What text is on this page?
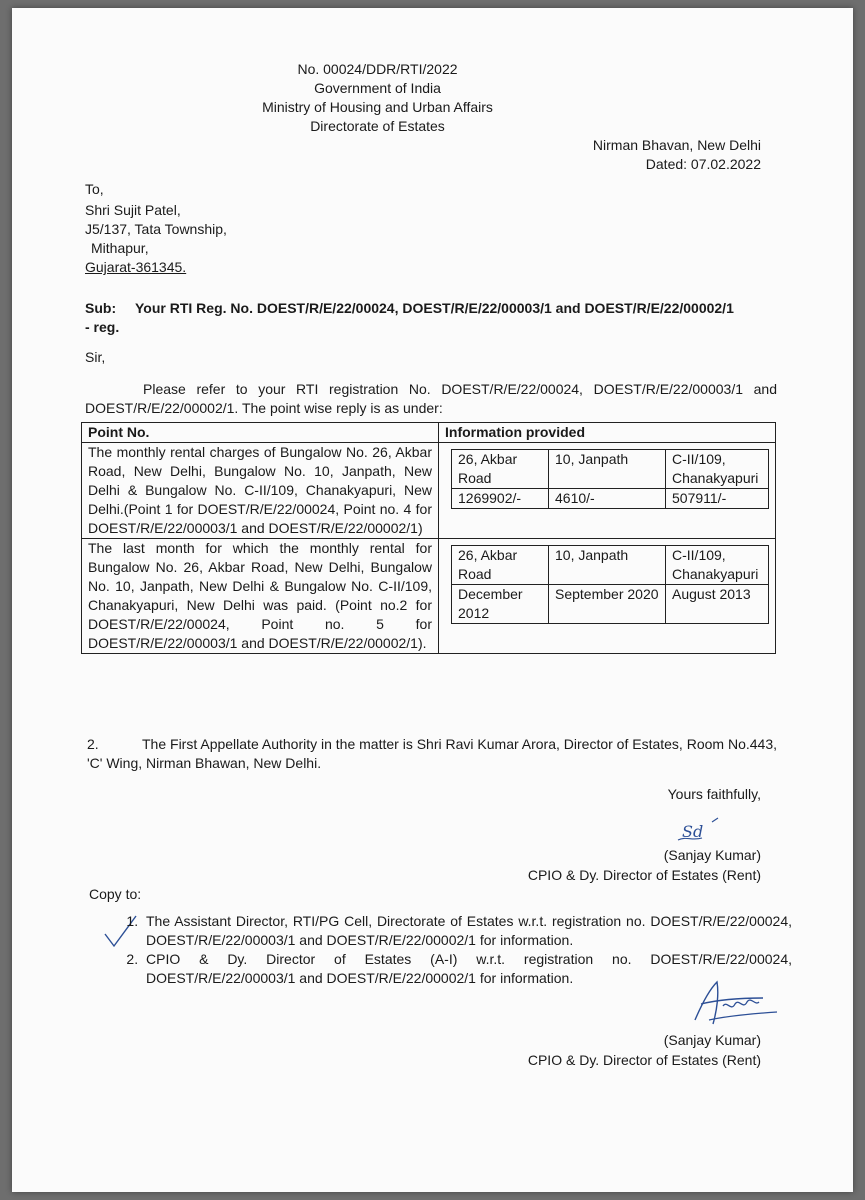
No. 00024/DDR/RTI/2022
Government of India
Ministry of Housing and Urban Affairs
Directorate of Estates
Nirman Bhavan, New Delhi
Dated: 07.02.2022
To,
Shri Sujit Patel,
J5/137, Tata Township,
Mithapur,
Gujarat-361345.
Sub: Your RTI Reg. No. DOEST/R/E/22/00024, DOEST/R/E/22/00003/1 and DOEST/R/E/22/00002/1
- reg.
Sir,
Please refer to your RTI registration No. DOEST/R/E/22/00024, DOEST/R/E/22/00003/1 and DOEST/R/E/22/00002/1. The point wise reply is as under:
Point No.	Information provided
The monthly rental charges of Bungalow No. 26, Akbar Road, New Delhi, Bungalow No. 10, Janpath, New Delhi & Bungalow No. C-II/109, Chanakyapuri, New Delhi.(Point 1 for DOEST/R/E/22/00024, Point no. 4 for DOEST/R/E/22/00003/1 and DOEST/R/E/22/00002/1)	
26, Akbar Road	10, Janpath	C-II/109, Chanakyapuri
1269902/-	4610/-	507911/-

The last month for which the monthly rental for Bungalow No. 26, Akbar Road, New Delhi, Bungalow No. 10, Janpath, New Delhi & Bungalow No. C-II/109, Chanakyapuri, New Delhi was paid. (Point no.2 for DOEST/R/E/22/00024, Point no. 5 for DOEST/R/E/22/00003/1 and DOEST/R/E/22/00002/1).	
26, Akbar Road	10, Janpath	C-II/109, Chanakyapuri
December 2012	September 2020	August 2013
2.	The First Appellate Authority in the matter is Shri Ravi Kumar Arora, Director of Estates, Room No.443, 'C' Wing, Nirman Bhawan, New Delhi.
Yours faithfully,
Sd
(Sanjay Kumar)
CPIO & Dy. Director of Estates (Rent)
Copy to:
1. The Assistant Director, RTI/PG Cell, Directorate of Estates w.r.t. registration no. DOEST/R/E/22/00024, DOEST/R/E/22/00003/1 and DOEST/R/E/22/00002/1 for information.
2. CPIO & Dy. Director of Estates (A-I) w.r.t. registration no. DOEST/R/E/22/00024, DOEST/R/E/22/00003/1 and DOEST/R/E/22/00002/1 for information.
(Sanjay Kumar)
CPIO & Dy. Director of Estates (Rent)
